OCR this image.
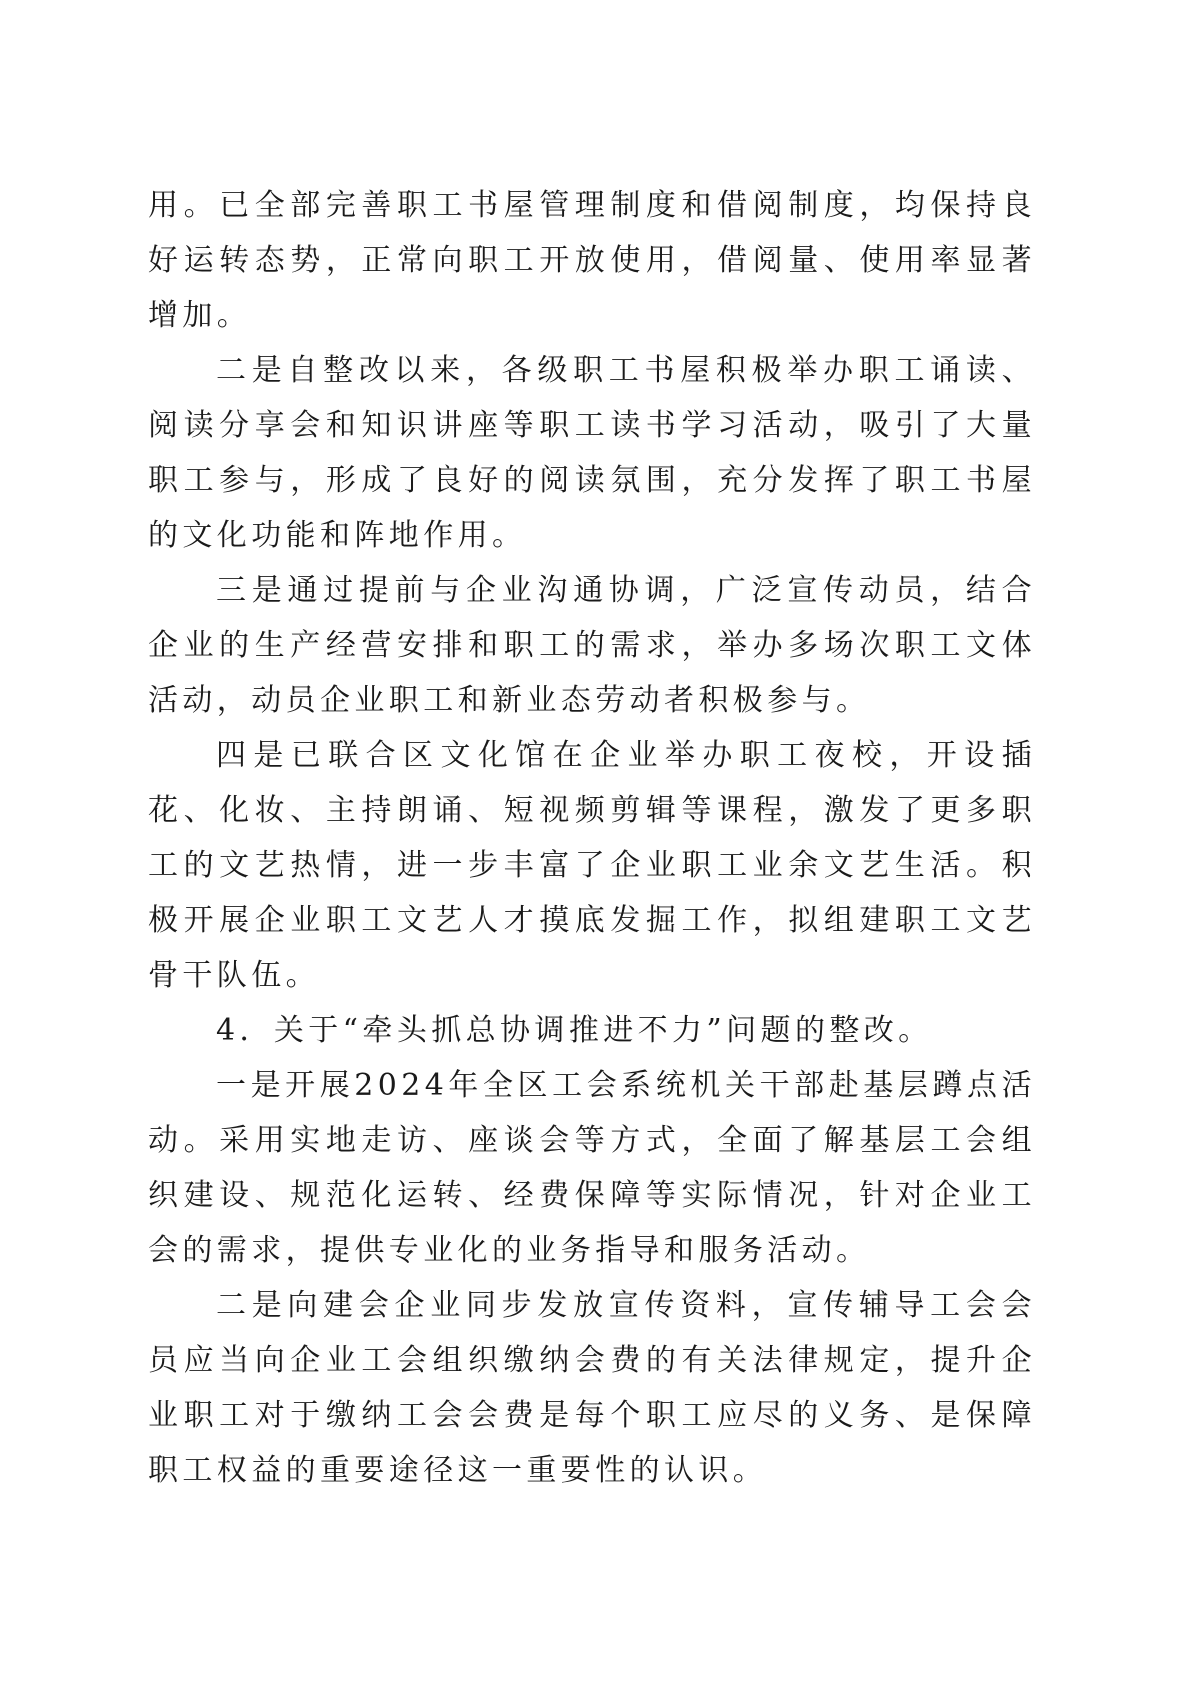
用。已全部完善职工书屋管理制度和借阅制度，均保持良好运转态势，正常向职工开放使用，借阅量、使用率显著增加。

二是自整改以来，各级职工书屋积极举办职工诵读、阅读分享会和知识讲座等职工读书学习活动，吸引了大量职工参与，形成了良好的阅读氛围，充分发挥了职工书屋的文化功能和阵地作用。

三是通过提前与企业沟通协调，广泛宣传动员，结合企业的生产经营安排和职工的需求，举办多场次职工文体活动，动员企业职工和新业态劳动者积极参与。

四是已联合区文化馆在企业举办职工夜校，开设插花、化妆、主持朗诵、短视频剪辑等课程，激发了更多职工的文艺热情，进一步丰富了企业职工业余文艺生活。积极开展企业职工文艺人才摸底发掘工作，拟组建职工文艺骨干队伍。

4．关于“牵头抓总协调推进不力”问题的整改。

一是开展2024年全区工会系统机关干部赴基层蹲点活动。采用实地走访、座谈会等方式，全面了解基层工会组织建设、规范化运转、经费保障等实际情况，针对企业工会的需求，提供专业化的业务指导和服务活动。

二是向建会企业同步发放宣传资料，宣传辅导工会会员应当向企业工会组织缴纳会费的有关法律规定，提升企业职工对于缴纳工会会费是每个职工应尽的义务、是保障职工权益的重要途径这一重要性的认识。
